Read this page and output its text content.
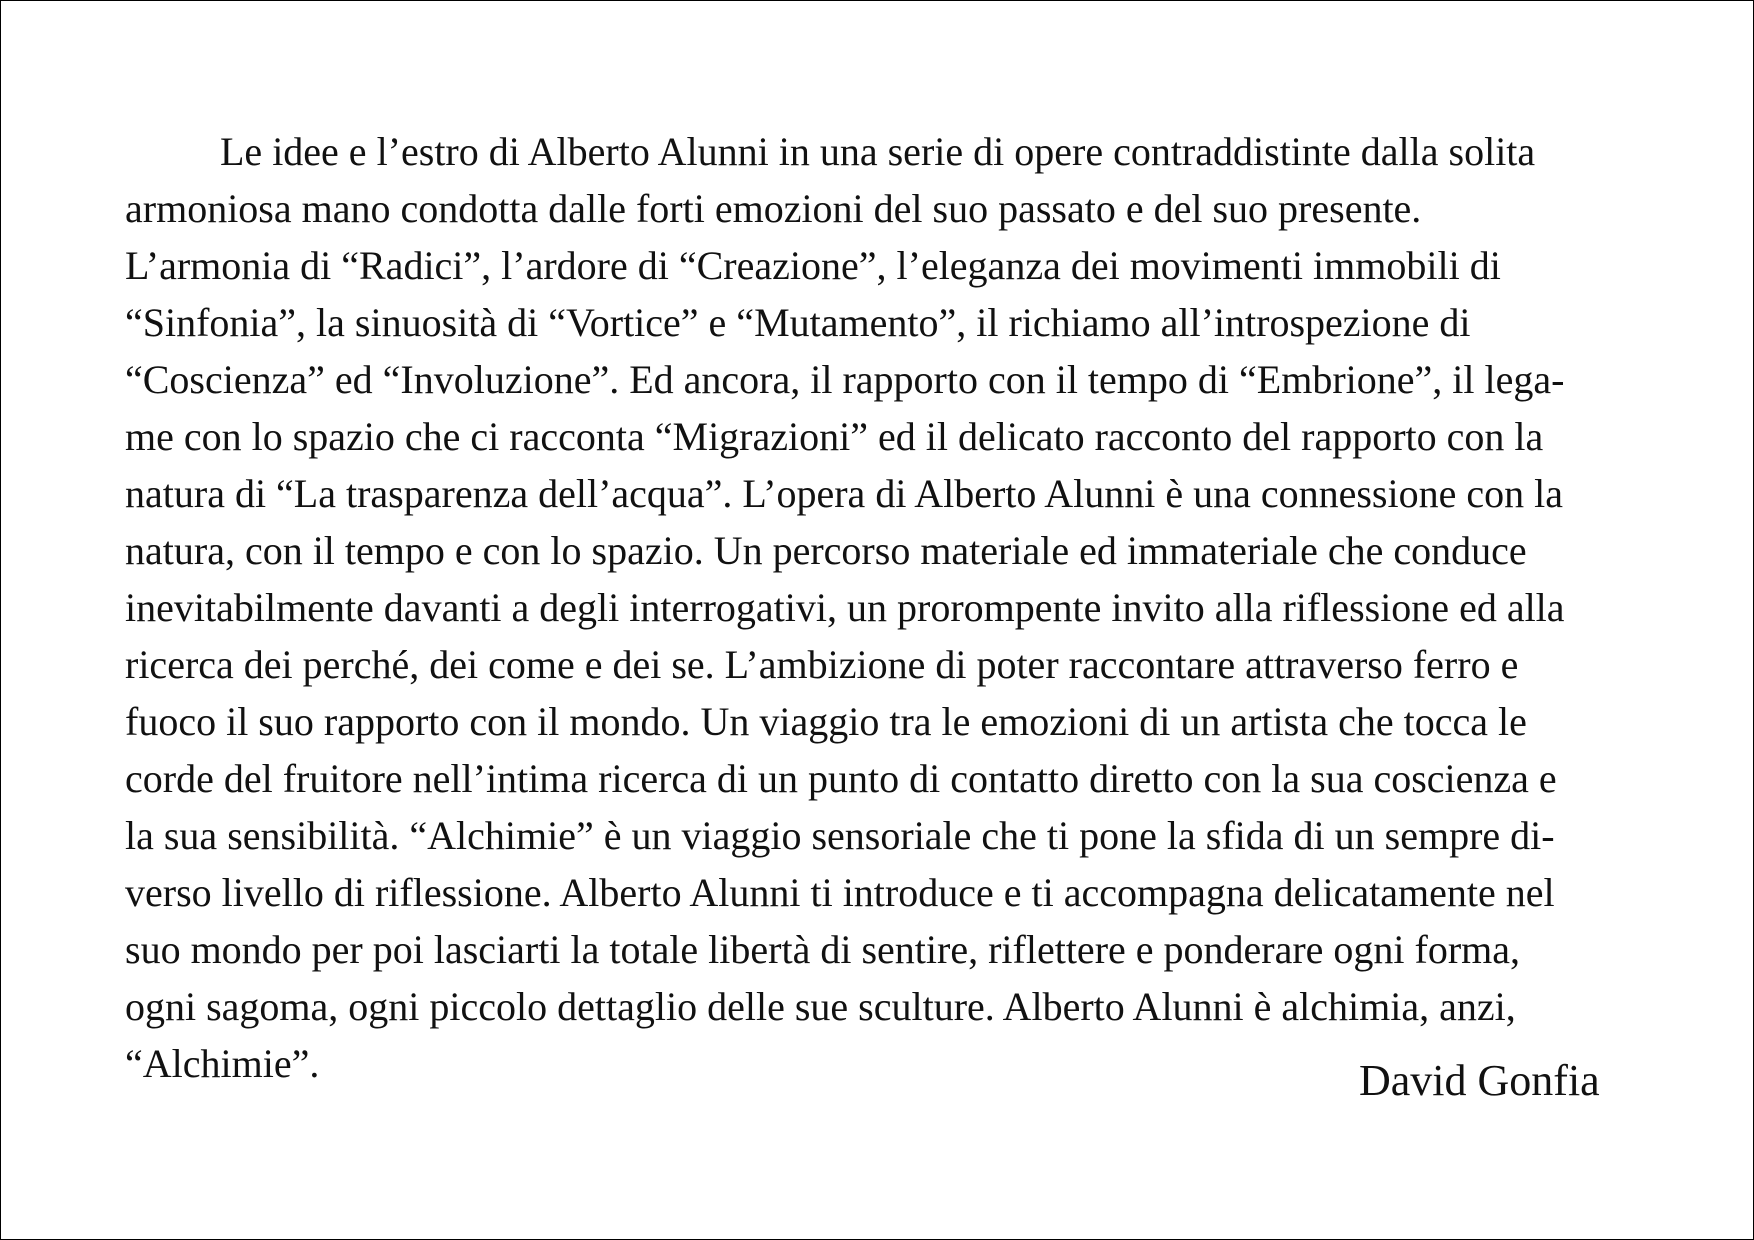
Le idee e l’estro di Alberto Alunni in una serie di opere contraddistinte dalla solita
armoniosa mano condotta dalle forti emozioni del suo passato e del suo presente.
L’armonia di “Radici”, l’ardore di “Creazione”, l’eleganza dei movimenti immobili di
“Sinfonia”, la sinuosità di “Vortice” e “Mutamento”, il richiamo all’introspezione di
“Coscienza” ed “Involuzione”. Ed ancora, il rapporto con il tempo di “Embrione”, il lega-
me con lo spazio che ci racconta “Migrazioni” ed il delicato racconto del rapporto con la
natura di “La trasparenza dell’acqua”. L’opera di Alberto Alunni è una connessione con la
natura, con il tempo e con lo spazio. Un percorso materiale ed immateriale che conduce
inevitabilmente davanti a degli interrogativi, un prorompente invito alla riflessione ed alla
ricerca dei perché, dei come e dei se. L’ambizione di poter raccontare attraverso ferro e
fuoco il suo rapporto con il mondo. Un viaggio tra le emozioni di un artista che tocca le
corde del fruitore nell’intima ricerca di un punto di contatto diretto con la sua coscienza e
la sua sensibilità. “Alchimie” è un viaggio sensoriale che ti pone la sfida di un sempre di-
verso livello di riflessione. Alberto Alunni ti introduce e ti accompagna delicatamente nel
suo mondo per poi lasciarti la totale libertà di sentire, riflettere e ponderare ogni forma,
ogni sagoma, ogni piccolo dettaglio delle sue sculture. Alberto Alunni è alchimia, anzi,
“Alchimie”.	David Gonfia
